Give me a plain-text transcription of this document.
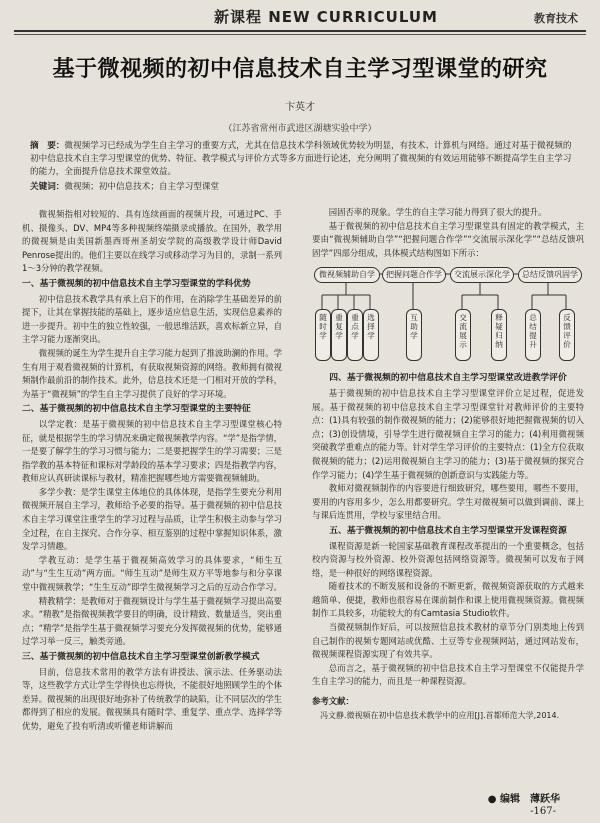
新课程 NEW CURRICULUM	教育技术
基于微视频的初中信息技术自主学习型课堂的研究
卞英才
（江苏省常州市武进区湖塘实验中学）
摘　要：微视频学习已经成为学生自主学习的重要方式，尤其在信息技术学科领域优势较为明显，有技术、计算机与网络。通过对基于微视频的初中信息技术自主学习型课堂的优势、特征、教学模式与评价方式等多方面进行论述，充分阐明了微视频的有效运用能够不断提高学生自主学习的能力，全面提升信息技术课堂效益。
关键词：微视频；初中信息技术；自主学习型课堂

微视频指相对较短的、具有连续画面的视频片段，可通过PC、手机、摄像头、DV、MP4等多种视频终端摄录或播放。在国外，教学用的微视频是由美国新墨西哥州圣胡安学院的高级教学设计师David Penrose提出的。他们主要以在线学习或移动学习为目的，录制一系列1～3分钟的教学视频。

一、基于微视频的初中信息技术自主学习型课堂的学科优势

初中信息技术教学具有承上启下的作用，在消除学生基础差异的前提下，让其在掌握技能的基础上，逐步适应信息生活，实现信息素养的进一步提升。初中生的独立性较强，一般思维活跃，喜欢标新立异，自主学习能力逐渐突出。

微视频的诞生为学生提升自主学习能力起到了推波助澜的作用。学生有用于观看微视频的计算机，有获取视频资源的网络。教师拥有微视频制作最前沿的制作技术。此外，信息技术还是一门相对开放的学科，为基于“微视频”的学生自主学习提供了良好的学习环境。

二、基于微视频的初中信息技术自主学习型课堂的主要特征

以学定教：是基于微视频的初中信息技术自主学习型课堂核心特征，就是根据学生的学习情况来确定微视频教学内容。“学”是指学情，一是要了解学生的学习习惯与能力；二是要把握学生的学习需要；三是指学教的基本特征和课标对学龄段的基本学习要求；四是指教学内容，教师应认真研读课标与教材，精准把握哪些地方需要微视频辅助。

多学少教：是学生课堂主体地位的具体体现，是指学生要充分利用微视频开展自主学习，教师给予必要的指导。基于微视频的初中信息技术自主学习课堂注重学生的学习过程与品质，让学生积极主动参与学习全过程，在自主探究、合作分享、相互鉴别的过程中掌握知识体系，激发学习情趣。

学教互动：是学生基于微视频高效学习的具体要求，“师生互动”与“生生互动”两方面。“师生互动”是师生双方平等地参与和分享课堂中微视频教学；“生生互动”即学生微视频学习之后的互动合作学习。

精教精学：是教师对于微视频设计与学生基于微视频学习提出高要求。“精教”是指微视频教学要目的明确，设计精致、数量适当，突出重点；“精学”是指学生基于微视频学习要充分发挥微视频的优势，能够通过学习举一反三，触类旁通。

三、基于微视频的初中信息技术自主学习型课堂创新教学模式

目前，信息技术常用的教学方法有讲授法、演示法、任务驱动法等，这些教学方式让学生学得快也忘得快，不能很好地照顾学生的个体差异。微视频的出现很好地弥补了传统教学的缺陷，让不同层次的学生都得到了相应的发展。微视频具有随时学、重复学、重点学、选择学等优势，避免了投有听清或听懂老师讲解而

园固否率的现象。学生的自主学习能力得到了很大的提升。

基于微视频的初中信息技术自主学习型课堂具有固定的教学模式，主要由“微视频辅助自学”“把握问题合作学”“交流展示深化学”“总结反馈巩固学”四部分组成，具体模式结构图如下所示：

微视频辅助自学	把握问题合作学	交流展示深化学	总结反馈巩固学
随时学
重复学
重点学
选择学
互助学
交流展示
释疑归纳
总结提升
反馈评价
四、基于微视频的初中信息技术自主学习型课堂改进教学评价

基于微视频的初中信息技术自主学习型课堂评价立足过程，促进发展。基于微视频的初中信息技术自主学习型课堂针对教师评价的主要特点：(1)具有较强的制作微视频的能力；(2)能够很好地把握微视频的切入点；(3)创设情境，引导学生进行微视频自主学习的能力；(4)利用微视频突破教学重难点的能力等。针对学生学习评价的主要特点：(1)全方位获取微视频的能力；(2)运用微视频自主学习的能力；(3)基于微视频的探究合作学习能力；(4)学生基于微视频的创新意识与实践能力等。

教师对微视频制作的内容要进行细致研究，哪些要用，哪些不要用，要用的内容用多少，怎么用都要研究。学生对微视频可以做到调前、课上与课后连贯用，学校与家里结合用。

五、基于微视频的初中信息技术自主学习型课堂开发课程资源

课程资源是新一轮国家基础教育课程改革提出的一个重要概念，包括校内资源与校外资源、校外资源包括网络资源等。微视频可以发布于网络，是一种很好的网络课程资源。

随着技术的不断发展和设备的不断更新，微视频资源获取的方式越来越简单、便捷，教师也很容易在课前制作和课上使用微视频资源。微视频制作工具较多，功能较大的有Camtasia Studio软件。

当微视频制作好后，可以按照信息技术教材的章节分门别类地上传到自己制作的视频专题网站或优酷、土豆等专业视频网站，通过网站发布，微视频课程资源实现了有效共享。

总而言之，基于微视频的初中信息技术自主学习型课堂不仅能提升学生自主学习的能力，而且是一种课程资源。

参考文献：

冯文静.微视频在初中信息技术教学中的应用[J].首都师范大学,2014.

● 编辑　薄跃华
-167-
